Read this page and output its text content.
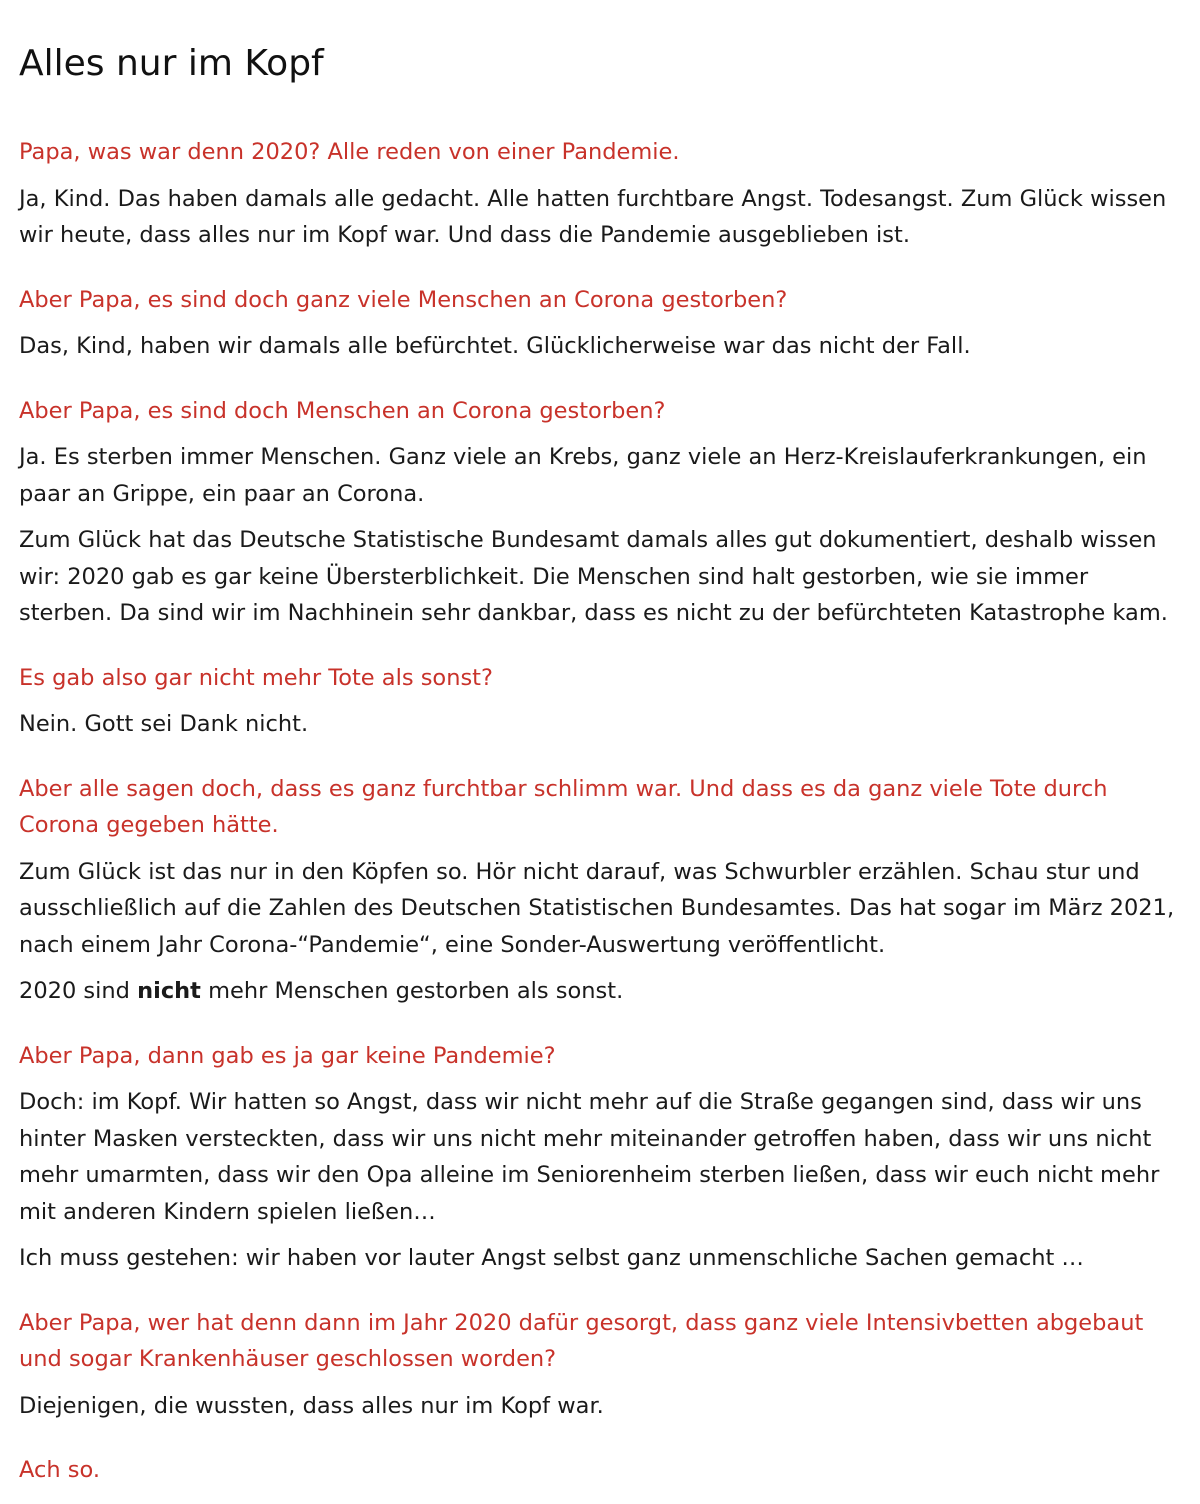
Alles nur im Kopf

Papa, was war denn 2020? Alle reden von einer Pandemie.

Ja, Kind. Das haben damals alle gedacht. Alle hatten furchtbare Angst. Todesangst. Zum Glück wissen wir heute, dass alles nur im Kopf war. Und dass die Pandemie ausgeblieben ist.

Aber Papa, es sind doch ganz viele Menschen an Corona gestorben?

Das, Kind, haben wir damals alle befürchtet. Glücklicherweise war das nicht der Fall.

Aber Papa, es sind doch Menschen an Corona gestorben?

Ja. Es sterben immer Menschen. Ganz viele an Krebs, ganz viele an Herz-Kreislauferkrankungen, ein paar an Grippe, ein paar an Corona.

Zum Glück hat das Deutsche Statistische Bundesamt damals alles gut dokumentiert, deshalb wissen wir: 2020 gab es gar keine Übersterblichkeit. Die Menschen sind halt gestorben, wie sie immer sterben. Da sind wir im Nachhinein sehr dankbar, dass es nicht zu der befürchteten Katastrophe kam.

Es gab also gar nicht mehr Tote als sonst?

Nein. Gott sei Dank nicht.

Aber alle sagen doch, dass es ganz furchtbar schlimm war. Und dass es da ganz viele Tote durch Corona gegeben hätte.

Zum Glück ist das nur in den Köpfen so. Hör nicht darauf, was Schwurbler erzählen. Schau stur und ausschließlich auf die Zahlen des Deutschen Statistischen Bundesamtes. Das hat sogar im März 2021, nach einem Jahr Corona-“Pandemie“, eine Sonder-Auswertung veröffentlicht.

2020 sind nicht mehr Menschen gestorben als sonst.

Aber Papa, dann gab es ja gar keine Pandemie?

Doch: im Kopf. Wir hatten so Angst, dass wir nicht mehr auf die Straße gegangen sind, dass wir uns hinter Masken versteckten, dass wir uns nicht mehr miteinander getroffen haben, dass wir uns nicht mehr umarmten, dass wir den Opa alleine im Seniorenheim sterben ließen, dass wir euch nicht mehr mit anderen Kindern spielen ließen…

Ich muss gestehen: wir haben vor lauter Angst selbst ganz unmenschliche Sachen gemacht …

Aber Papa, wer hat denn dann im Jahr 2020 dafür gesorgt, dass ganz viele Intensivbetten abgebaut und sogar Krankenhäuser geschlossen worden?

Diejenigen, die wussten, dass alles nur im Kopf war.

Ach so.
